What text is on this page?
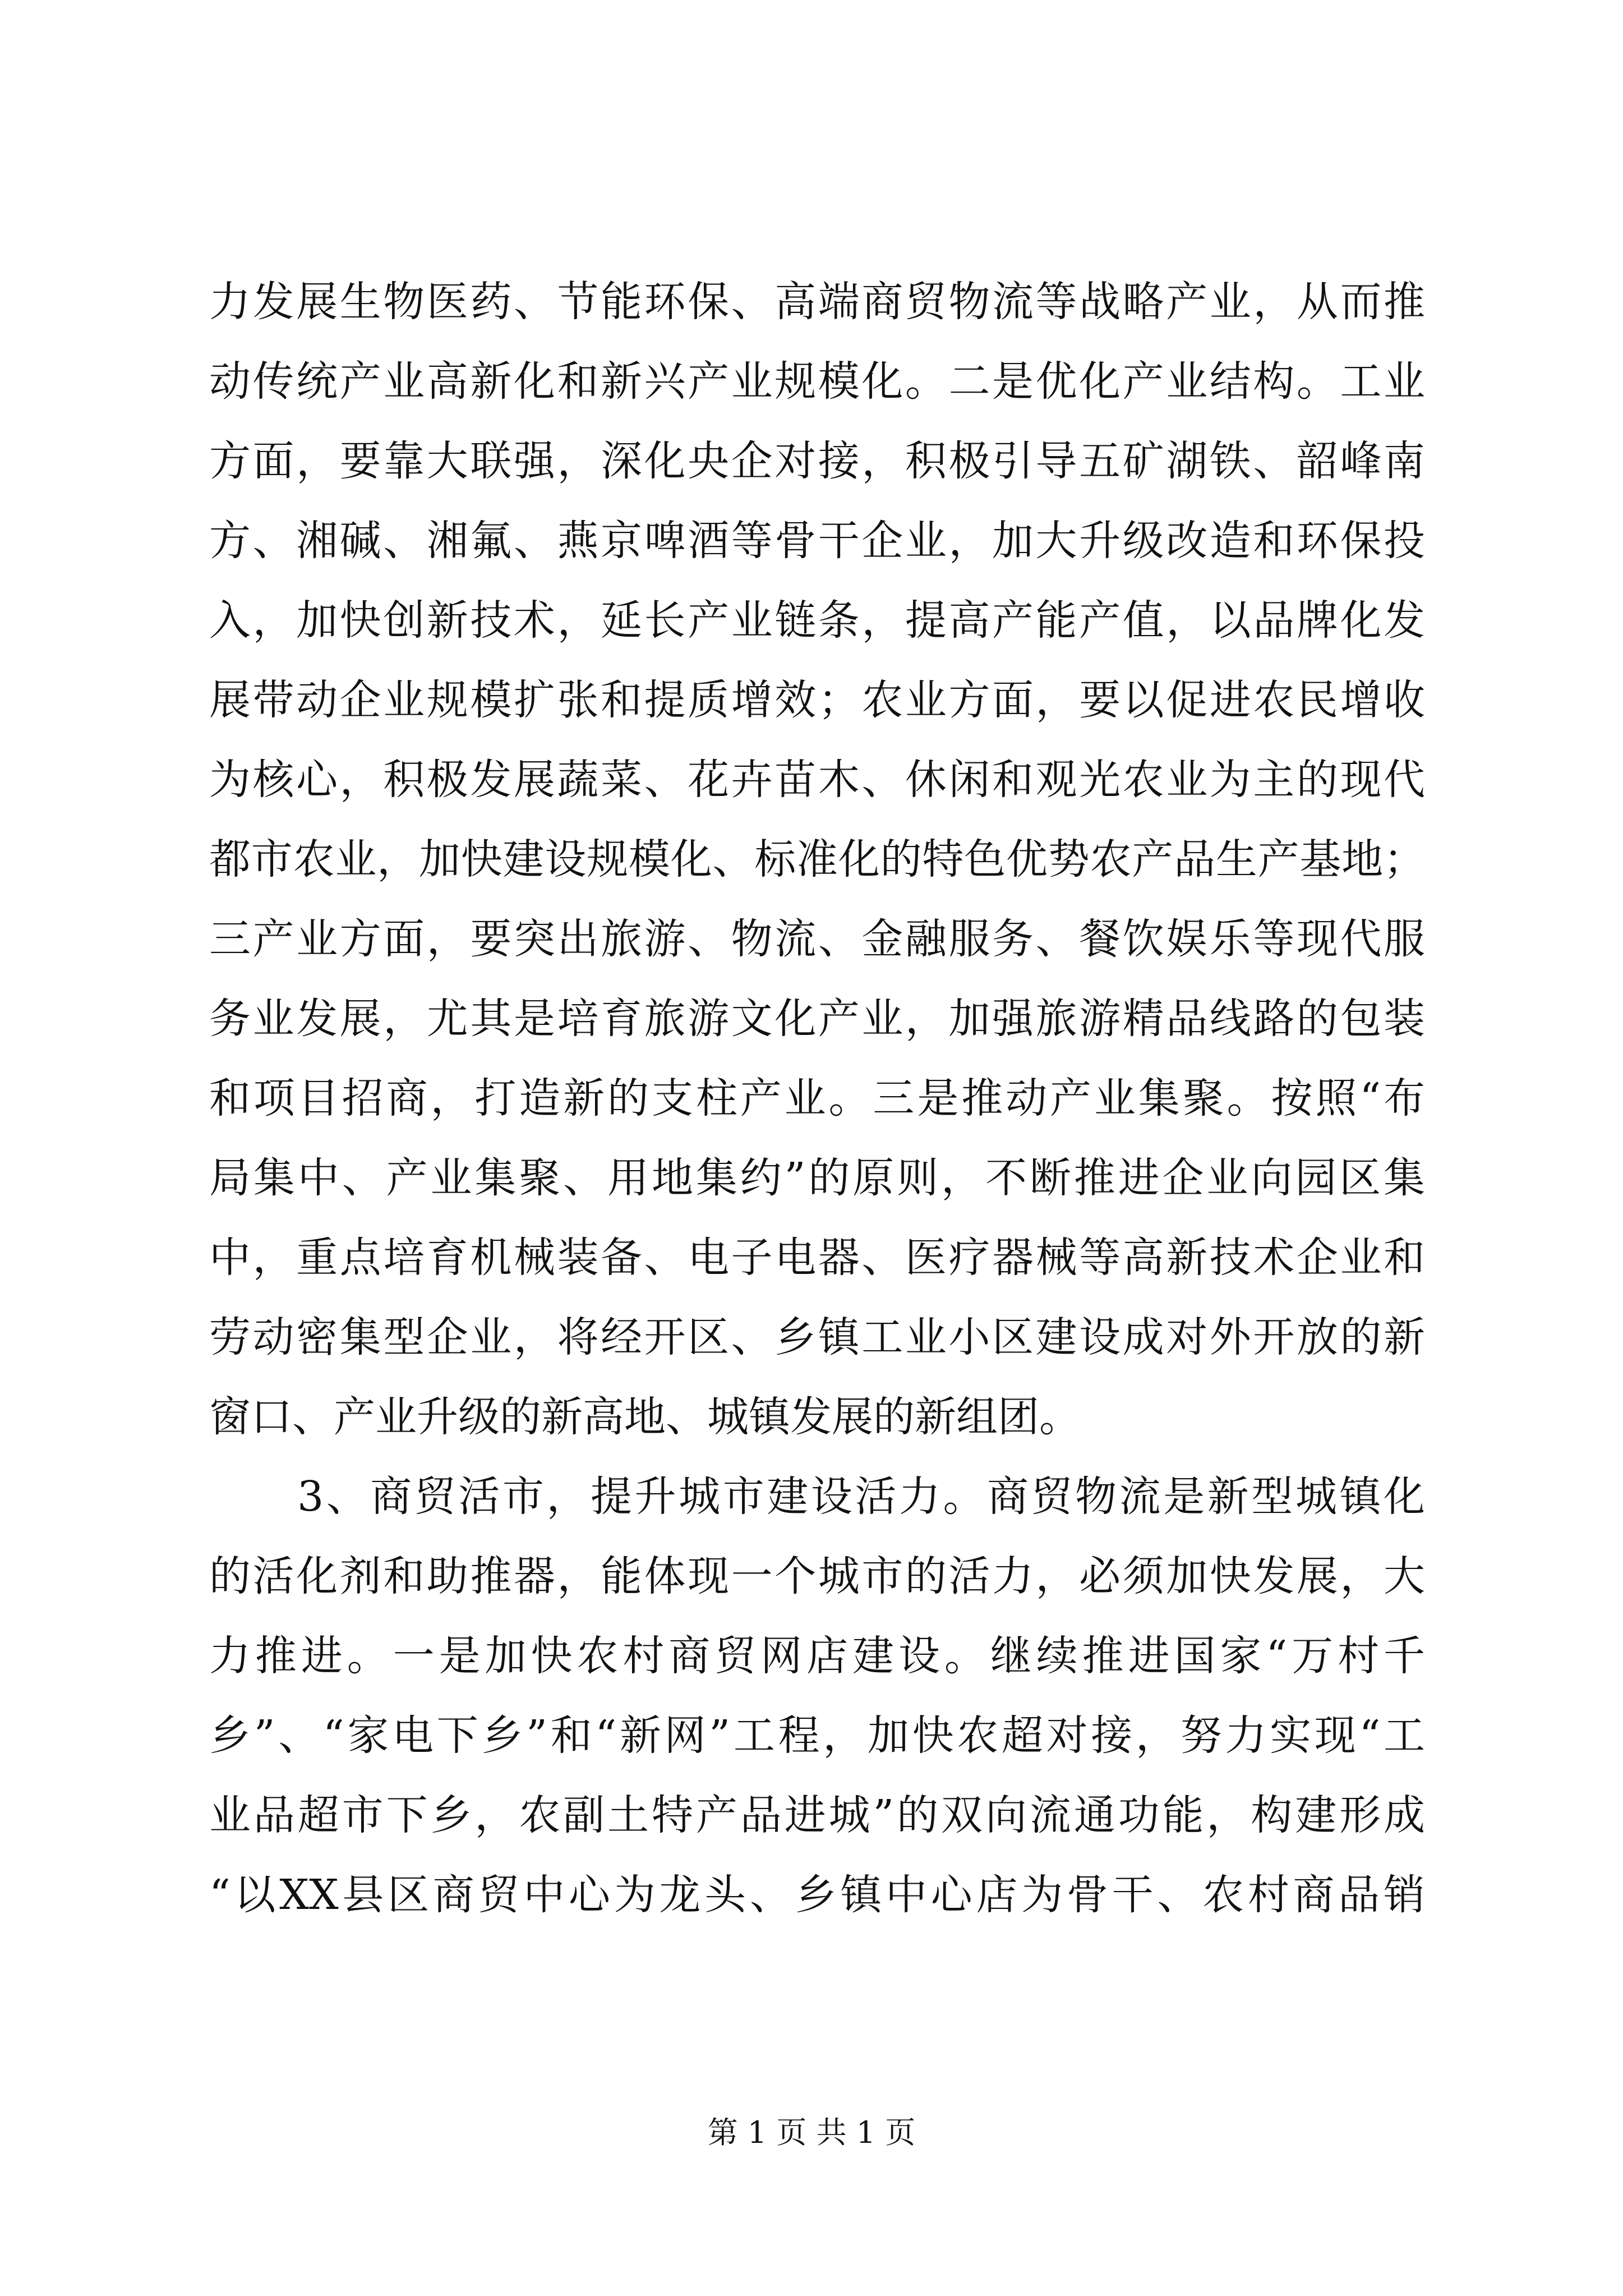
力发展生物医药、节能环保、高端商贸物流等战略产业，从而推
动传统产业高新化和新兴产业规模化。二是优化产业结构。工业
方面，要靠大联强，深化央企对接，积极引导五矿湖铁、韶峰南
方、湘碱、湘氟、燕京啤酒等骨干企业，加大升级改造和环保投
入，加快创新技术，延长产业链条，提高产能产值，以品牌化发
展带动企业规模扩张和提质增效；农业方面，要以促进农民增收
为核心，积极发展蔬菜、花卉苗木、休闲和观光农业为主的现代
都市农业，加快建设规模化、标准化的特色优势农产品生产基地；
三产业方面，要突出旅游、物流、金融服务、餐饮娱乐等现代服
务业发展，尤其是培育旅游文化产业，加强旅游精品线路的包装
和项目招商，打造新的支柱产业。三是推动产业集聚。按照“布
局集中、产业集聚、用地集约”的原则，不断推进企业向园区集
中，重点培育机械装备、电子电器、医疗器械等高新技术企业和
劳动密集型企业，将经开区、乡镇工业小区建设成对外开放的新
窗口、产业升级的新高地、城镇发展的新组团。
　　3、商贸活市，提升城市建设活力。商贸物流是新型城镇化
的活化剂和助推器，能体现一个城市的活力，必须加快发展，大
力推进。一是加快农村商贸网店建设。继续推进国家“万村千
乡”、“家电下乡”和“新网”工程，加快农超对接，努力实现“工
业品超市下乡，农副土特产品进城”的双向流通功能，构建形成
“以XX县区商贸中心为龙头、乡镇中心店为骨干、农村商品销
第 1 页 共 1 页
